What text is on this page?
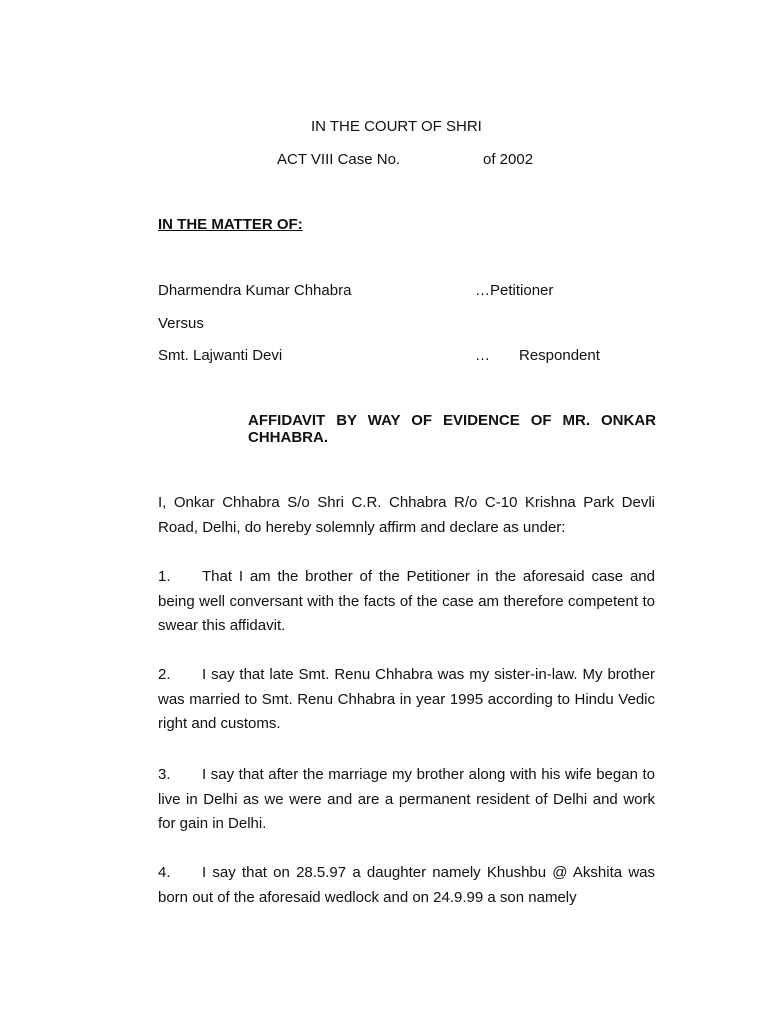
IN THE COURT OF SHRI
ACT VIII Case No.	of 2002
IN THE MATTER OF:
Dharmendra Kumar Chhabra	…Petitioner
Versus
Smt. Lajwanti Devi	… Respondent
AFFIDAVIT BY WAY OF EVIDENCE OF MR. ONKAR CHHABRA.
I, Onkar Chhabra S/o Shri C.R. Chhabra R/o C-10 Krishna Park Devli Road, Delhi, do hereby solemnly affirm and declare as under:
1. That I am the brother of the Petitioner in the aforesaid case and being well conversant with the facts of the case am therefore competent to swear this affidavit.
2. I say that late Smt. Renu Chhabra was my sister-in-law. My brother was married to Smt. Renu Chhabra in year 1995 according to Hindu Vedic right and customs.
3. I say that after the marriage my brother along with his wife began to live in Delhi as we were and are a permanent resident of Delhi and work for gain in Delhi.
4. I say that on 28.5.97 a daughter namely Khushbu @ Akshita was born out of the aforesaid wedlock and on 24.9.99 a son namely
